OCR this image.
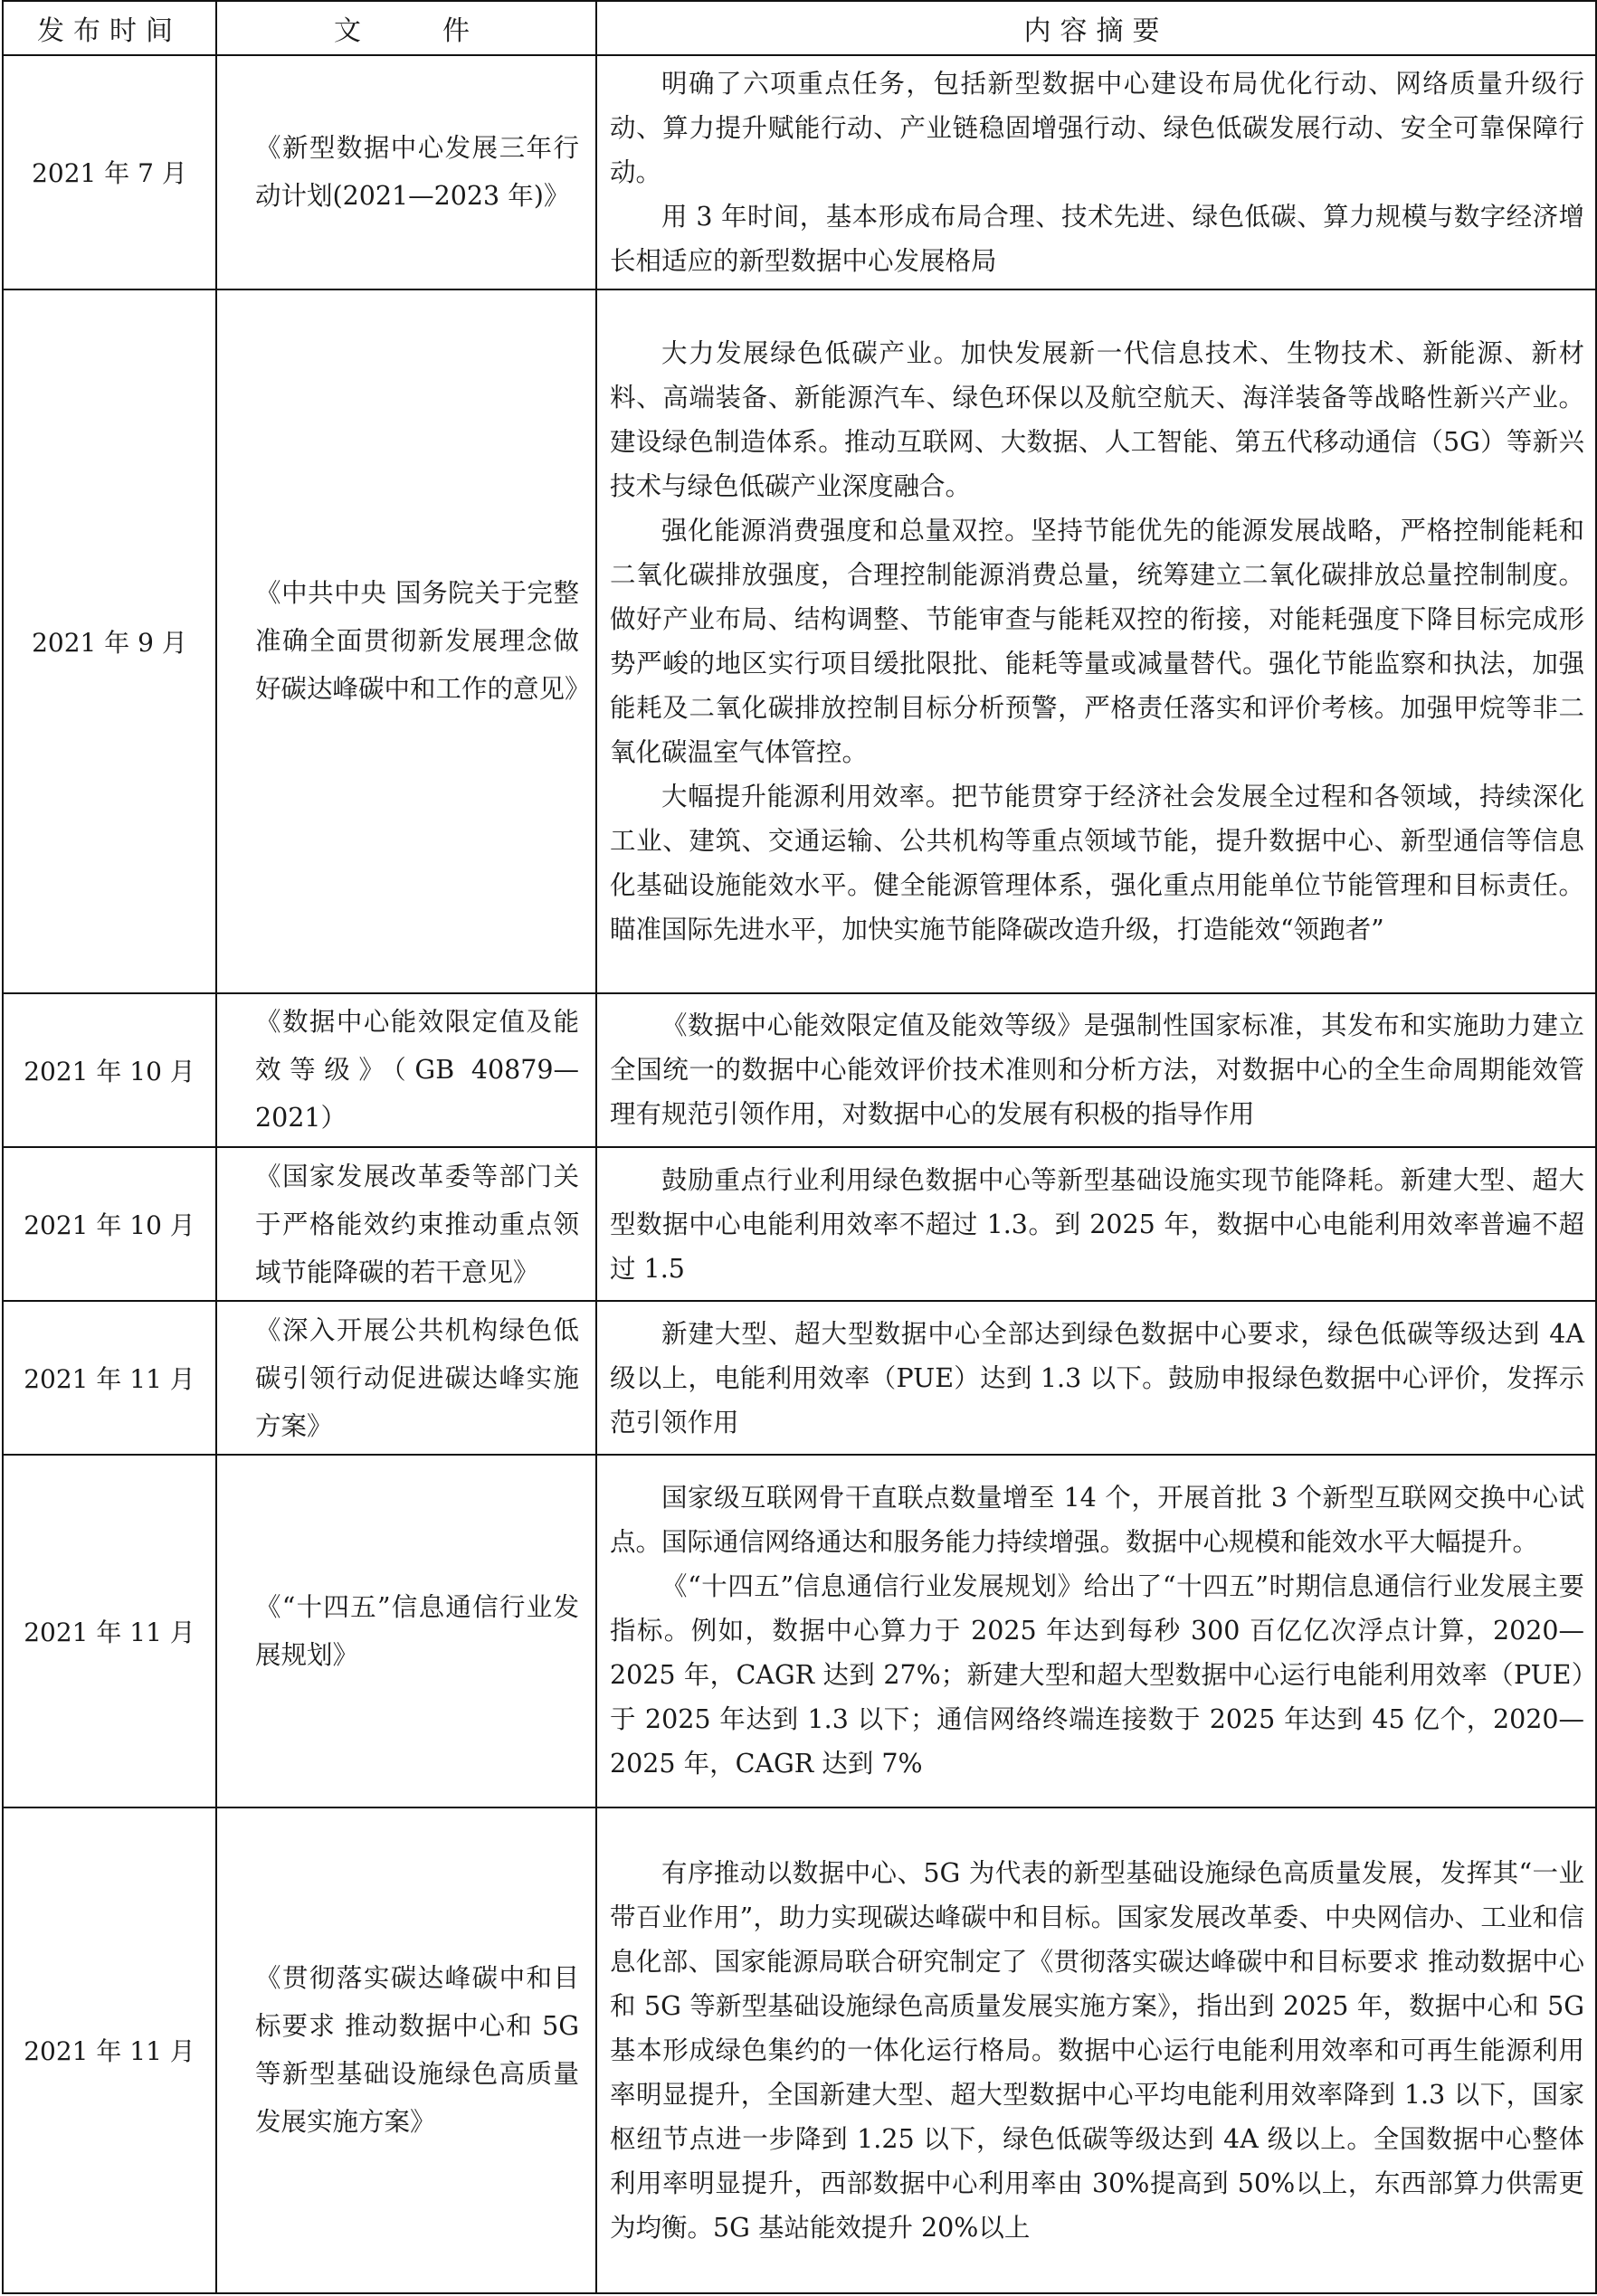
发布时间	文　　件	内容摘要
2021 年 7 月	《新型数据中心发展三年行动计划(2021—2023 年)》	明确了六项重点任务，包括新型数据中心建设布局优化行动、网络质量升级行动、算力提升赋能行动、产业链稳固增强行动、绿色低碳发展行动、安全可靠保障行动。

用 3 年时间，基本形成布局合理、技术先进、绿色低碳、算力规模与数字经济增长相适应的新型数据中心发展格局

2021 年 9 月	《中共中央 国务院关于完整准确全面贯彻新发展理念做好碳达峰碳中和工作的意见》	大力发展绿色低碳产业。加快发展新一代信息技术、生物技术、新能源、新材料、高端装备、新能源汽车、绿色环保以及航空航天、海洋装备等战略性新兴产业。建设绿色制造体系。推动互联网、大数据、人工智能、第五代移动通信（5G）等新兴技术与绿色低碳产业深度融合。

强化能源消费强度和总量双控。坚持节能优先的能源发展战略，严格控制能耗和二氧化碳排放强度，合理控制能源消费总量，统筹建立二氧化碳排放总量控制制度。做好产业布局、结构调整、节能审查与能耗双控的衔接，对能耗强度下降目标完成形势严峻的地区实行项目缓批限批、能耗等量或减量替代。强化节能监察和执法，加强能耗及二氧化碳排放控制目标分析预警，严格责任落实和评价考核。加强甲烷等非二氧化碳温室气体管控。

大幅提升能源利用效率。把节能贯穿于经济社会发展全过程和各领域，持续深化工业、建筑、交通运输、公共机构等重点领域节能，提升数据中心、新型通信等信息化基础设施能效水平。健全能源管理体系，强化重点用能单位节能管理和目标责任。瞄准国际先进水平，加快实施节能降碳改造升级，打造能效“领跑者”

2021 年 10 月	《数据中心能效限定值及能效等级》（GB 40879—2021）	《数据中心能效限定值及能效等级》是强制性国家标准，其发布和实施助力建立全国统一的数据中心能效评价技术准则和分析方法，对数据中心的全生命周期能效管理有规范引领作用，对数据中心的发展有积极的指导作用

2021 年 10 月	《国家发展改革委等部门关于严格能效约束推动重点领域节能降碳的若干意见》	鼓励重点行业利用绿色数据中心等新型基础设施实现节能降耗。新建大型、超大型数据中心电能利用效率不超过 1.3。到 2025 年，数据中心电能利用效率普遍不超过 1.5

2021 年 11 月	《深入开展公共机构绿色低碳引领行动促进碳达峰实施方案》	新建大型、超大型数据中心全部达到绿色数据中心要求，绿色低碳等级达到 4A 级以上，电能利用效率（PUE）达到 1.3 以下。鼓励申报绿色数据中心评价，发挥示范引领作用

2021 年 11 月	《“十四五”信息通信行业发展规划》	国家级互联网骨干直联点数量增至 14 个，开展首批 3 个新型互联网交换中心试点。国际通信网络通达和服务能力持续增强。数据中心规模和能效水平大幅提升。

《“十四五”信息通信行业发展规划》给出了“十四五”时期信息通信行业发展主要指标。例如，数据中心算力于 2025 年达到每秒 300 百亿亿次浮点计算，2020—2025 年，CAGR 达到 27%；新建大型和超大型数据中心运行电能利用效率（PUE）于 2025 年达到 1.3 以下；通信网络终端连接数于 2025 年达到 45 亿个，2020—2025 年，CAGR 达到 7%

2021 年 11 月	《贯彻落实碳达峰碳中和目标要求 推动数据中心和 5G 等新型基础设施绿色高质量发展实施方案》	有序推动以数据中心、5G 为代表的新型基础设施绿色高质量发展，发挥其“一业带百业作用”，助力实现碳达峰碳中和目标。国家发展改革委、中央网信办、工业和信息化部、国家能源局联合研究制定了《贯彻落实碳达峰碳中和目标要求 推动数据中心和 5G 等新型基础设施绿色高质量发展实施方案》，指出到 2025 年，数据中心和 5G 基本形成绿色集约的一体化运行格局。数据中心运行电能利用效率和可再生能源利用率明显提升，全国新建大型、超大型数据中心平均电能利用效率降到 1.3 以下，国家枢纽节点进一步降到 1.25 以下，绿色低碳等级达到 4A 级以上。全国数据中心整体利用率明显提升，西部数据中心利用率由 30%提高到 50%以上，东西部算力供需更为均衡。5G 基站能效提升 20%以上
